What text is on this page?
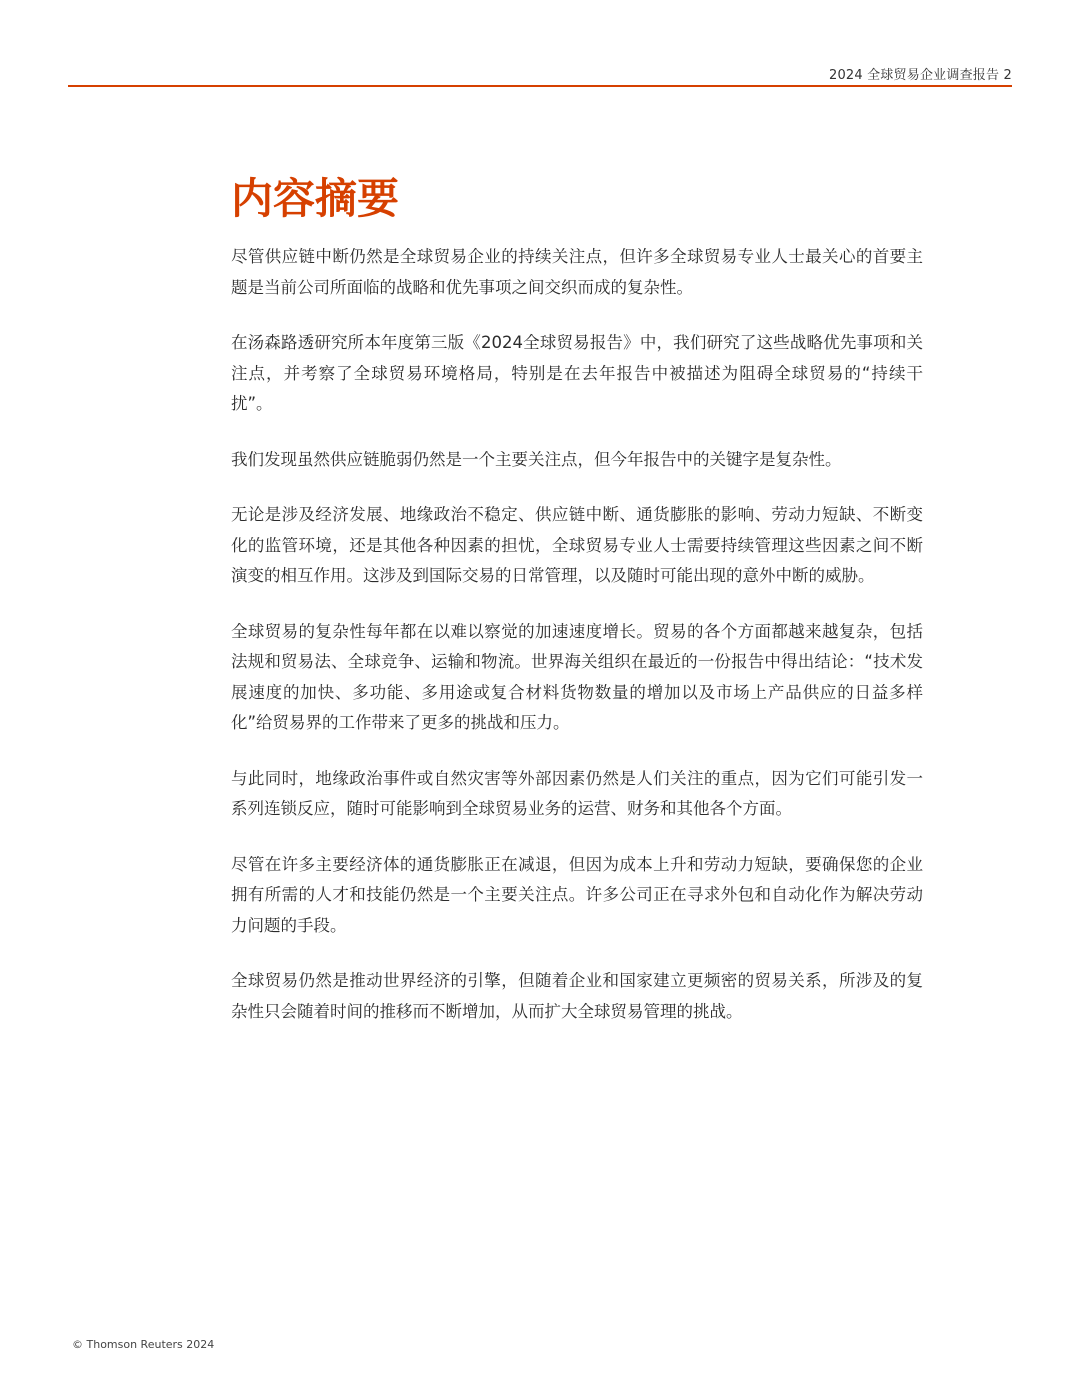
2024 全球贸易企业调查报告 2
内容摘要

尽管供应链中断仍然是全球贸易企业的持续关注点，但许多全球贸易专业人士最关心的首要主题是当前公司所面临的战略和优先事项之间交织而成的复杂性。

在汤森路透研究所本年度第三版《2024全球贸易报告》中，我们研究了这些战略优先事项和关注点，并考察了全球贸易环境格局，特别是在去年报告中被描述为阻碍全球贸易的“持续干扰”。

我们发现虽然供应链脆弱仍然是一个主要关注点，但今年报告中的关键字是复杂性。

无论是涉及经济发展、地缘政治不稳定、供应链中断、通货膨胀的影响、劳动力短缺、不断变化的监管环境，还是其他各种因素的担忧，全球贸易专业人士需要持续管理这些因素之间不断演变的相互作用。这涉及到国际交易的日常管理，以及随时可能出现的意外中断的威胁。

全球贸易的复杂性每年都在以难以察觉的加速速度增长。贸易的各个方面都越来越复杂，包括法规和贸易法、全球竞争、运输和物流。世界海关组织在最近的一份报告中得出结论：“技术发展速度的加快、多功能、多用途或复合材料货物数量的增加以及市场上产品供应的日益多样化”给贸易界的工作带来了更多的挑战和压力。

与此同时，地缘政治事件或自然灾害等外部因素仍然是人们关注的重点，因为它们可能引发一系列连锁反应，随时可能影响到全球贸易业务的运营、财务和其他各个方面。

尽管在许多主要经济体的通货膨胀正在减退，但因为成本上升和劳动力短缺，要确保您的企业拥有所需的人才和技能仍然是一个主要关注点。许多公司正在寻求外包和自动化作为解决劳动力问题的手段。

全球贸易仍然是推动世界经济的引擎，但随着企业和国家建立更频密的贸易关系，所涉及的复杂性只会随着时间的推移而不断增加，从而扩大全球贸易管理的挑战。

© Thomson Reuters 2024
